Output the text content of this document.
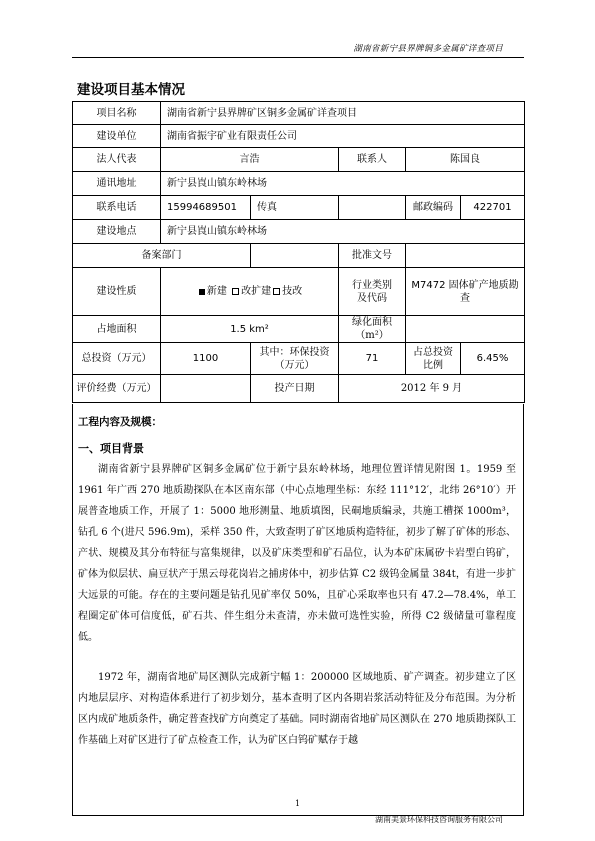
湖南省新宁县界牌铜多金属矿详查项目
建设项目基本情况
项目名称	湖南省新宁县界牌矿区铜多金属矿详查项目				
建设单位	湖南省振宇矿业有限责任公司				
法人代表	言浩		联系人	陈国良	
通讯地址	新宁县崀山镇东岭林场				
联系电话	15994689501	传真		邮政编码	422701
建设地点	新宁县崀山镇东岭林场				
备案部门			批准文号		
建设性质	新建 改扩建 技改		行业类别及代码	M7472 固体矿产地质勘查	
占地面积	1.5 km²		绿化面积（m²）		
总投资（万元）	1100	其中：环保投资（万元）	71	占总投资比例	6.45%
评价经费（万元）		投产日期	2012 年 9 月		
工程内容及规模：
一、项目背景
湖南省新宁县界牌矿区铜多金属矿位于新宁县东岭林场，地理位置详情见附图 1。1959 至 1961 年广西 270 地质勘探队在本区南东部（中心点地理坐标：东经 111°12′，北纬 26°10′）开展普查地质工作，开展了 1：5000 地形测量、地质填图，民硐地质编录，共施工槽探 1000m³，钻孔 6 个(进尺 596.9m)，采样 350 件，大致查明了矿区地质构造特征，初步了解了矿体的形态、产状、规模及其分布特征与富集规律，以及矿床类型和矿石品位，认为本矿床属矽卡岩型白钨矿，矿体为似层状、扁豆状产于黑云母花岗岩之捕虏体中，初步估算 C2 级钨金属量 384t，有进一步扩大远景的可能。存在的主要问题是钻孔见矿率仅 50%，且矿心采取率也只有 47.2—78.4%，单工程圈定矿体可信度低，矿石共、伴生组分未查清，亦未做可选性实验，所得 C2 级储量可靠程度低。
1972 年，湖南省地矿局区测队完成新宁幅 1：200000 区域地质、矿产调查。初步建立了区内地层层序、对构造体系进行了初步划分，基本查明了区内各期岩浆活动特征及分布范围。为分析区内成矿地质条件，确定普查找矿方向奠定了基础。同时湖南省地矿局区测队在 270 地质勘探队工作基础上对矿区进行了矿点检查工作，认为矿区白钨矿赋存于越
1
湖南美景环保科技咨询服务有限公司
